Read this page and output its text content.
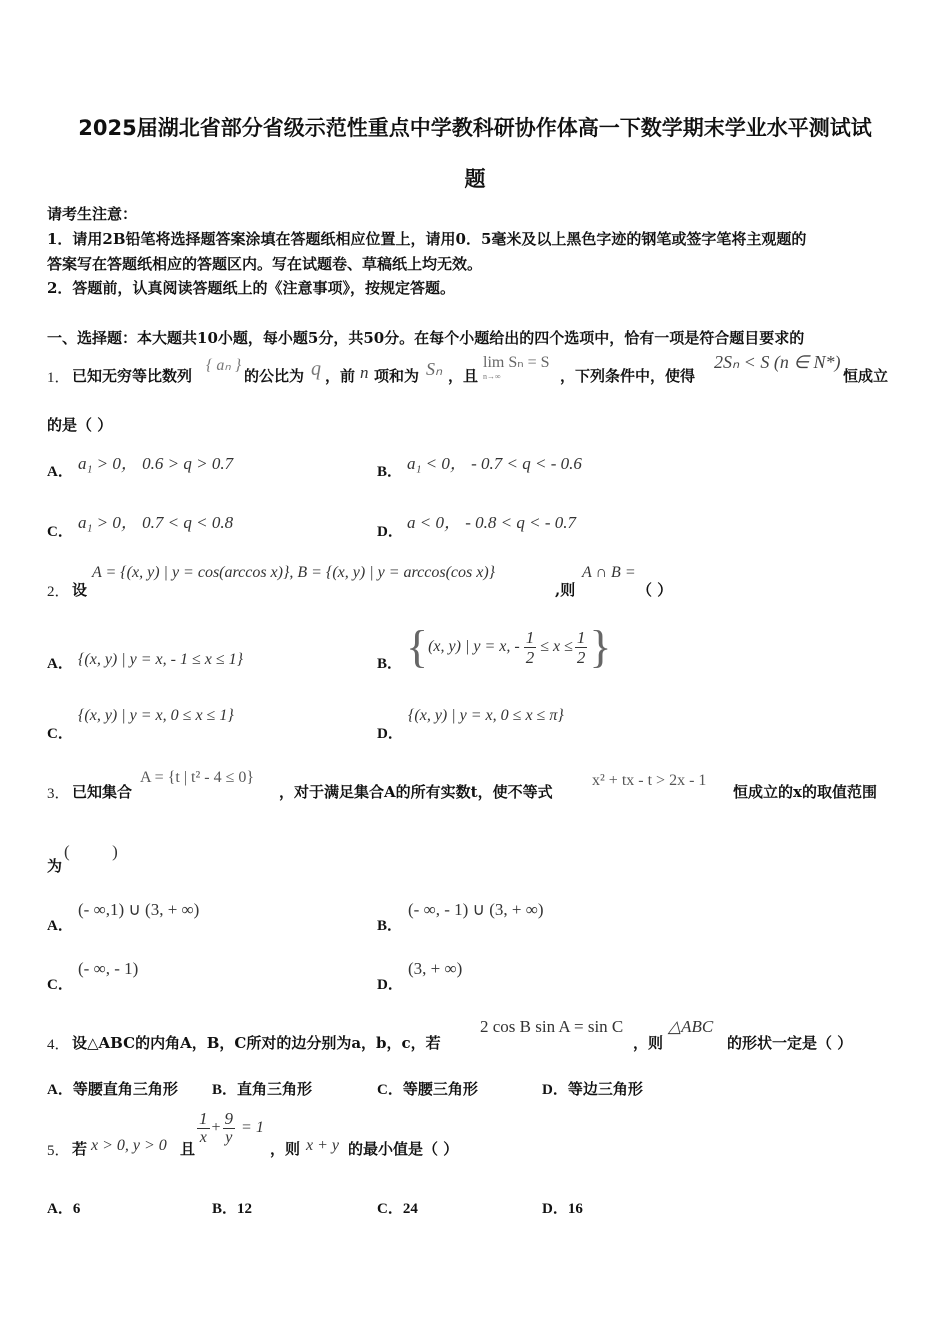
2025届湖北省部分省级示范性重点中学教科研协作体高一下数学期末学业水平测试试
题
请考生注意：
1．请用2B铅笔将选择题答案涂填在答题纸相应位置上，请用0．5毫米及以上黑色字迹的钢笔或签字笔将主观题的
答案写在答题纸相应的答题区内。写在试题卷、草稿纸上均无效。
2．答题前，认真阅读答题纸上的《注意事项》，按规定答题。
一、选择题：本大题共10小题，每小题5分，共50分。在每个小题给出的四个选项中，恰有一项是符合题目要求的
1． 已知无穷等比数列
{ aₙ }
的公比为 q ，前 n 项和为 Sₙ ，且
lim Sₙ = S
n→∞	，下列条件中，使得
2Sₙ < S (n ∈ N*)
恒成立
的是（ ）
A． a₁ > 0， 0.6 > q > 0.7	B． a₁ < 0， - 0.7 < q < - 0.6
C． a₁ > 0， 0.7 < q < 0.8	D． a < 0， - 0.8 < q < - 0.7
2． 设
A = {(x, y) | y = cos(arccos x)}, B = {(x, y) | y = arccos(cos x)}
,则
A ∩ B =
（ ）
A． {(x, y) | y = x, - 1 ≤ x ≤ 1}	B． { (x, y) | y = x, - $\frac{1}{2} \le x \le \frac{1}{2}$ }
C．
{(x, y) | y = x, 0 ≤ x ≤ 1}
D．
{(x, y) | y = x, 0 ≤ x ≤ π}
3． 已知集合
A = {t | t² - 4 ≤ 0}
，对于满足集合A的所有实数t，使不等式
x² + tx - t > 2x - 1
恒成立的x的取值范围
为
(          )
A．
(- ∞,1) ∪ (3, + ∞)
B．
(- ∞, - 1) ∪ (3, + ∞)
C．
(- ∞, - 1)
D．
(3, + ∞)
4． 设△ABC的内角A，B，C所对的边分别为a，b，c，若
2 cos B sin A = sin C
，则
△ABC
的形状一定是（ ）
A．等腰直角三角形 B．直角三角形	C．等腰三角形	D．等边三角形
5． 若 x > 0, y > 0 且
$\frac{1}{x} + \frac{9}{y} = 1$
，则 x + y 的最小值是（ ）
A．6	B．12	C．24	D．16
